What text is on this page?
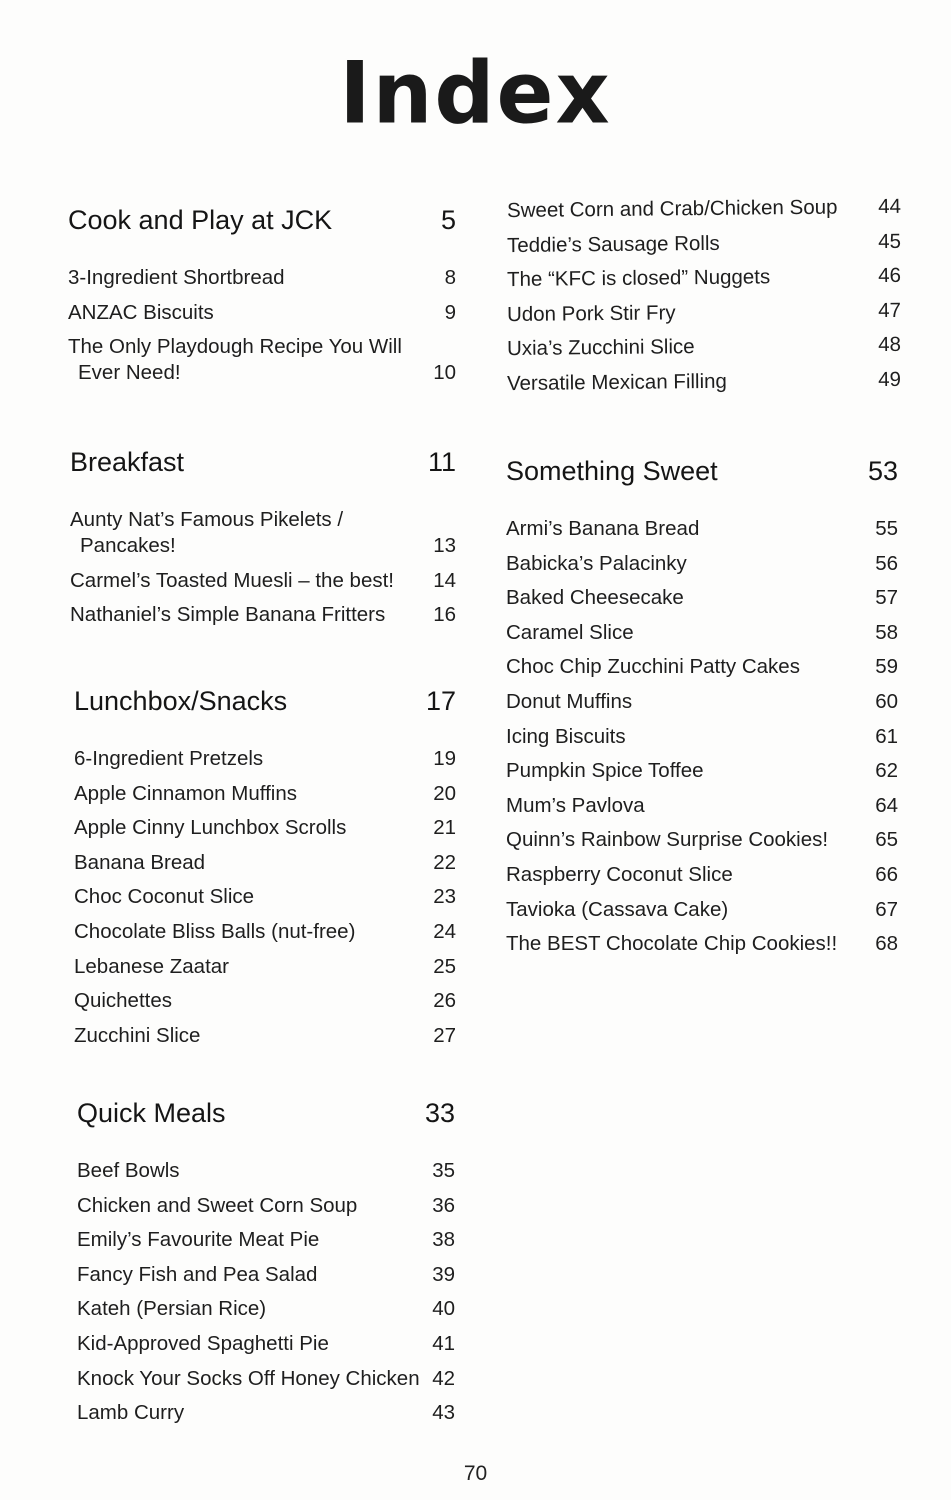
Index
Cook and Play at JCK	5
3-Ingredient Shortbread	8
ANZAC Biscuits	9
The Only Playdough Recipe You Will Ever Need!	10
Breakfast	11
Aunty Nat’s Famous Pikelets / Pancakes!	13
Carmel’s Toasted Muesli – the best!	14
Nathaniel’s Simple Banana Fritters	16
Lunchbox/Snacks	17
6-Ingredient Pretzels	19
Apple Cinnamon Muffins	20
Apple Cinny Lunchbox Scrolls	21
Banana Bread	22
Choc Coconut Slice	23
Chocolate Bliss Balls (nut-free)	24
Lebanese Zaatar	25
Quichettes	26
Zucchini Slice	27
Quick Meals	33
Beef Bowls	35
Chicken and Sweet Corn Soup	36
Emily’s Favourite Meat Pie	38
Fancy Fish and Pea Salad	39
Kateh (Persian Rice)	40
Kid-Approved Spaghetti Pie	41
Knock Your Socks Off Honey Chicken 42
Lamb Curry	43
Sweet Corn and Crab/Chicken Soup	44
Teddie’s Sausage Rolls	45
The “KFC is closed” Nuggets	46
Udon Pork Stir Fry	47
Uxia’s Zucchini Slice	48
Versatile Mexican Filling	49
Something Sweet	53
Armi’s Banana Bread	55
Babicka’s Palacinky	56
Baked Cheesecake	57
Caramel Slice	58
Choc Chip Zucchini Patty Cakes	59
Donut Muffins	60
Icing Biscuits	61
Pumpkin Spice Toffee	62
Mum’s Pavlova	64
Quinn’s Rainbow Surprise Cookies!	65
Raspberry Coconut Slice	66
Tavioka (Cassava Cake)	67
The BEST Chocolate Chip Cookies!!	68
70
